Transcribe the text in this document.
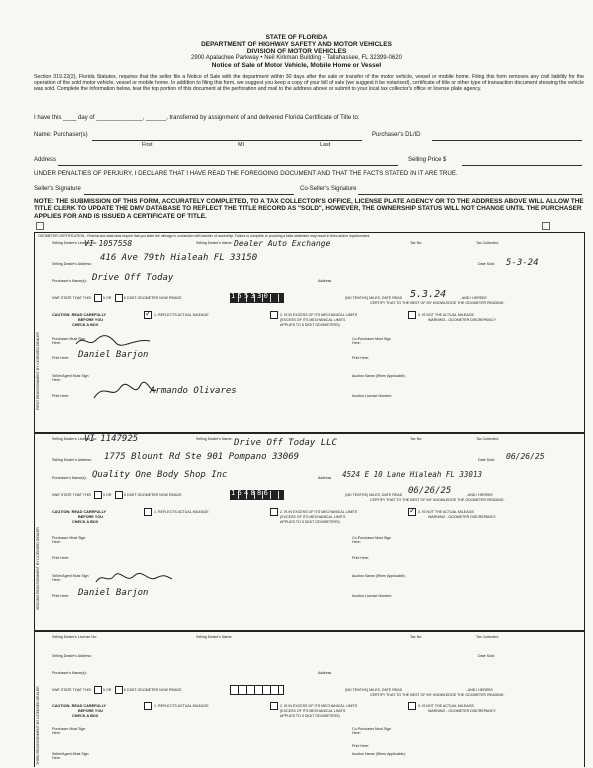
STATE OF FLORIDA
DEPARTMENT OF HIGHWAY SAFETY AND MOTOR VEHICLES
DIVISION OF MOTOR VEHICLES
2900 Apalachee Parkway • Neil Kirkman Building - Tallahassee, FL 32399-0620
Notice of Sale of Motor Vehicle, Mobile Home or Vessel
Section 319.22(2), Florida Statutes, requires that the seller file a Notice of Sale with the department within 30 days after the sale or transfer of the motor vehicle, vessel or mobile home. Filing this form removes any civil liability for the operation of the sold motor vehicle, vessel or mobile home. In addition to filing this form, we suggest you keep a copy of your bill of sale (we suggest it be notarized), certificate of title or other type of transaction document showing the vehicle was sold. Complete the information below, tear the top portion of this document at the perforation and mail to the address above or submit to your local tax collector's office or license plate agency.
I have this ____ day of ______________, ______, transferred by assignment of and delivered Florida Certificate of Title to:
Name: Purchaser(s)
First	MI	Last
Purchaser's DL/ID
Address	Selling Price $
UNDER PENALTIES OF PERJURY, I DECLARE THAT I HAVE READ THE FOREGOING DOCUMENT AND THAT THE FACTS STATED IN IT ARE TRUE.
Seller's Signature	Co-Seller's Signature
NOTE: THE SUBMISSION OF THIS FORM, ACCURATELY COMPLETED, TO A TAX COLLECTOR'S OFFICE, LICENSE PLATE AGENCY OR TO THE ADDRESS ABOVE WILL ALLOW THE TITLE CLERK TO UPDATE THE DMV DATABASE TO REFLECT THE TITLE RECORD AS "SOLD", HOWEVER, THE OWNERSHIP STATUS WILL NOT CHANGE UNTIL THE PURCHASER APPLIES FOR AND IS ISSUED A CERTIFICATE OF TITLE.
ODOMETER CERTIFICATION - Federal and state laws require that you state the mileage in connection with transfer of ownership. Failure to complete or providing a false statement may result in fines and/or imprisonment.
FIRST REASSIGNMENT BY LICENSED DEALER
Selling Dealer's License No:
VI 1057558	Selling Dealer's Name: Dealer Auto Exchange	Tax No:	Tax Collected:
Selling Dealer's Address:
416 Ave 79th Hialeah FL 33150
Date Sold: 5-3-24
Purchaser's Name(s): Drive Off Today	Address
I/WE STATE THAT THIS	5 OR	6 DIGIT ODOMETER NOW READS	155330	(NO TENTHS) MILES, DATE READ 5.3.24	, AND I HEREBY
CERTIFY THAT TO THE BEST OF MY KNOWLEDGE THE ODOMETER READING:
CAUTION: READ CAREFULLY
BEFORE YOU
CHECK A BOX
✓ 1. REFLECTS ACTUAL MILEAGE	2. IS IN EXCESS OF ITS MECHANICAL LIMITS
(EXCESS OF ITS MECHANICAL LIMITS
APPLIES TO 5 DIGIT ODOMETERS)
3. IS NOT THE ACTUAL MILEAGE.
WARNING - ODOMETER DISCREPANCY
Purchaser Must Sign Here:
Co-Purchaser Must Sign Here:
Print Here: Daniel Barjon	Print Here:
Seller/Agent Must Sign Here:
Auction Name (When Applicable):
Armando Olivares
Print Here:	Auction License Number:
SECOND REASSIGNMENT BY LICENSED DEALER
Selling Dealer's License No:
VI 1147925	Selling Dealer's Name: Drive Off Today LLC	Tax No:	Tax Collected:
Selling Dealer's Address: 1775 Blount Rd Ste 901 Pompano 33069	Date Sold: 06/26/25
Purchaser's Name(s): Quality One Body Shop Inc	Address 4524 E 10 Lane Hialeah FL 33013
I/WE STATE THAT THIS	5 OR	6 DIGIT ODOMETER NOW READS	164886	(NO TENTHS) MILES, DATE READ 06/26/25	, AND I HEREBY
CERTIFY THAT TO THE BEST OF MY KNOWLEDGE THE ODOMETER READING:
CAUTION: READ CAREFULLY
BEFORE YOU
CHECK A BOX
1. REFLECTS ACTUAL MILEAGE	2. IS IN EXCESS OF ITS MECHANICAL LIMITS
(EXCESS OF ITS MECHANICAL LIMITS
APPLIES TO 5 DIGIT ODOMETERS)
✓ 3. IS NOT THE ACTUAL MILEAGE.
WARNING - ODOMETER DISCREPANCY
Purchaser Must Sign Here:
Co-Purchaser Must Sign Here:
Print Here:	Print Here:
Seller/Agent Must Sign Here:
Auction Name (When Applicable):
Print Here: Daniel Barjon	Auction License Number:
THIRD REASSIGNMENT BY LICENSED DEALER
Selling Dealer's License No:	Selling Dealer's Name:	Tax No:	Tax Collected:
Selling Dealer's Address:	Date Sold:
Purchaser's Name(s):	Address
I/WE STATE THAT THIS	5 OR	6 DIGIT ODOMETER NOW READS	(NO TENTHS) MILES, DATE READ	, AND I HEREBY
CERTIFY THAT TO THE BEST OF MY KNOWLEDGE THE ODOMETER READING:
CAUTION: READ CAREFULLY
BEFORE YOU
CHECK A BOX
1. REFLECTS ACTUAL MILEAGE	2. IS IN EXCESS OF ITS MECHANICAL LIMITS
(EXCESS OF ITS MECHANICAL LIMITS
APPLIES TO 5 DIGIT ODOMETERS)
3. IS NOT THE ACTUAL MILEAGE.
WARNING - ODOMETER DISCREPANCY
Purchaser Must Sign Here:
Co-Purchaser Must Sign Here:
Print Here:
Seller/Agent Must Sign Here:
Auction Name (When Applicable):
